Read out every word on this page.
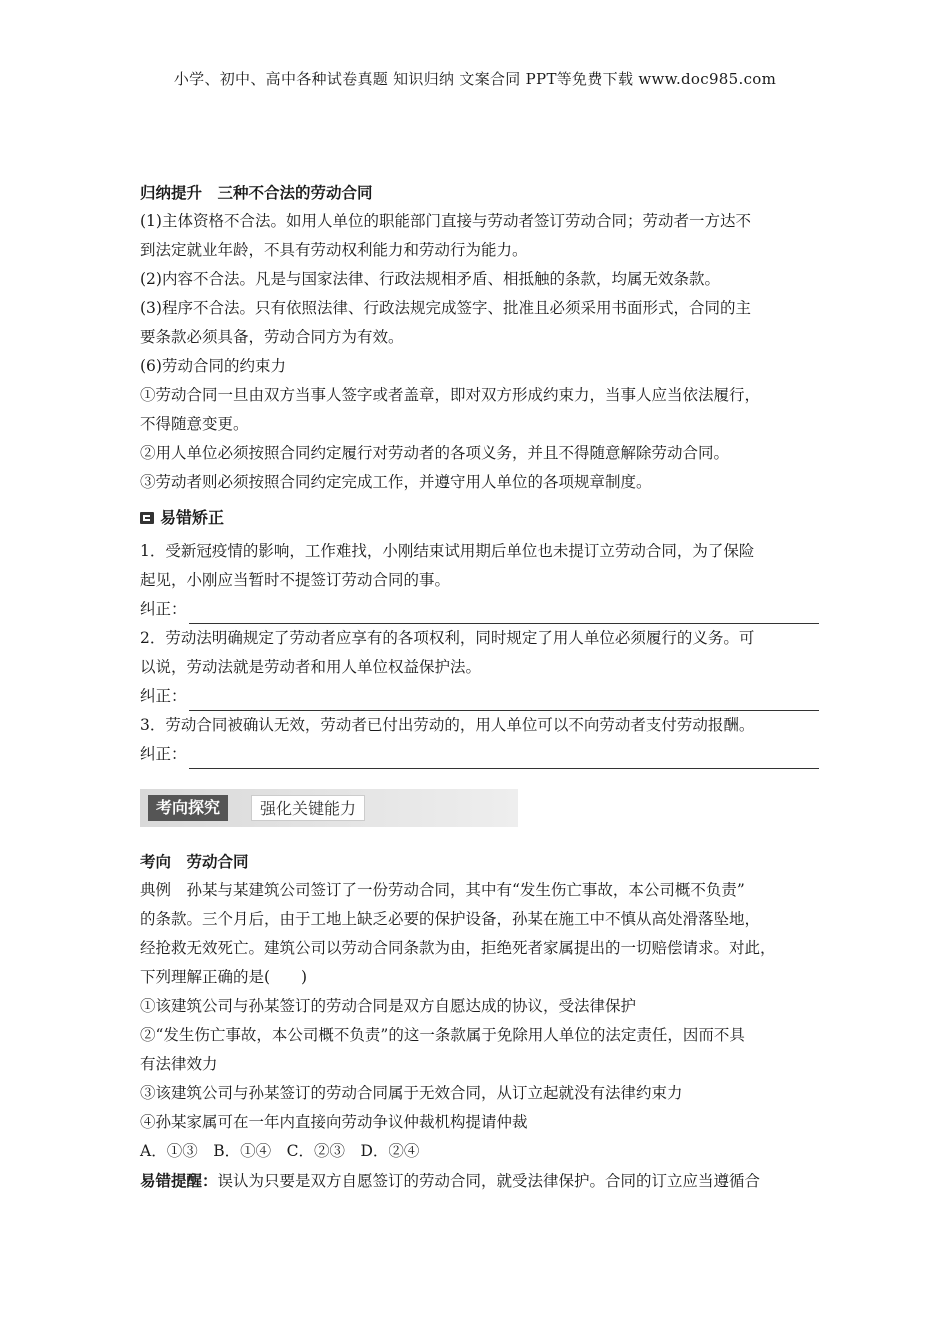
小学、初中、高中各种试卷真题 知识归纳 文案合同 PPT等免费下载 www.doc985.com
归纳提升　三种不合法的劳动合同
(1)主体资格不合法。如用人单位的职能部门直接与劳动者签订劳动合同；劳动者一方达不
到法定就业年龄，不具有劳动权利能力和劳动行为能力。
(2)内容不合法。凡是与国家法律、行政法规相矛盾、相抵触的条款，均属无效条款。
(3)程序不合法。只有依照法律、行政法规完成签字、批准且必须采用书面形式，合同的主
要条款必须具备，劳动合同方为有效。
(6)劳动合同的约束力
①劳动合同一旦由双方当事人签字或者盖章，即对双方形成约束力，当事人应当依法履行，
不得随意变更。
②用人单位必须按照合同约定履行对劳动者的各项义务，并且不得随意解除劳动合同。
③劳动者则必须按照合同约定完成工作，并遵守用人单位的各项规章制度。
易错矫正
1．受新冠疫情的影响，工作难找，小刚结束试用期后单位也未提订立劳动合同，为了保险
起见，小刚应当暂时不提签订劳动合同的事。
纠正：
2．劳动法明确规定了劳动者应享有的各项权利，同时规定了用人单位必须履行的义务。可
以说，劳动法就是劳动者和用人单位权益保护法。
纠正：
3．劳动合同被确认无效，劳动者已付出劳动的，用人单位可以不向劳动者支付劳动报酬。
纠正：
考向探究	强化关键能力
考向　劳动合同
典例　孙某与某建筑公司签订了一份劳动合同，其中有“发生伤亡事故，本公司概不负责”
的条款。三个月后，由于工地上缺乏必要的保护设备，孙某在施工中不慎从高处滑落坠地，
经抢救无效死亡。建筑公司以劳动合同条款为由，拒绝死者家属提出的一切赔偿请求。对此，
下列理解正确的是(　　)
①该建筑公司与孙某签订的劳动合同是双方自愿达成的协议，受法律保护
②“发生伤亡事故，本公司概不负责”的这一条款属于免除用人单位的法定责任，因而不具
有法律效力
③该建筑公司与孙某签订的劳动合同属于无效合同，从订立起就没有法律约束力
④孙某家属可在一年内直接向劳动争议仲裁机构提请仲裁
A．①③　B．①④　C．②③　D．②④
易错提醒：误认为只要是双方自愿签订的劳动合同，就受法律保护。合同的订立应当遵循合
